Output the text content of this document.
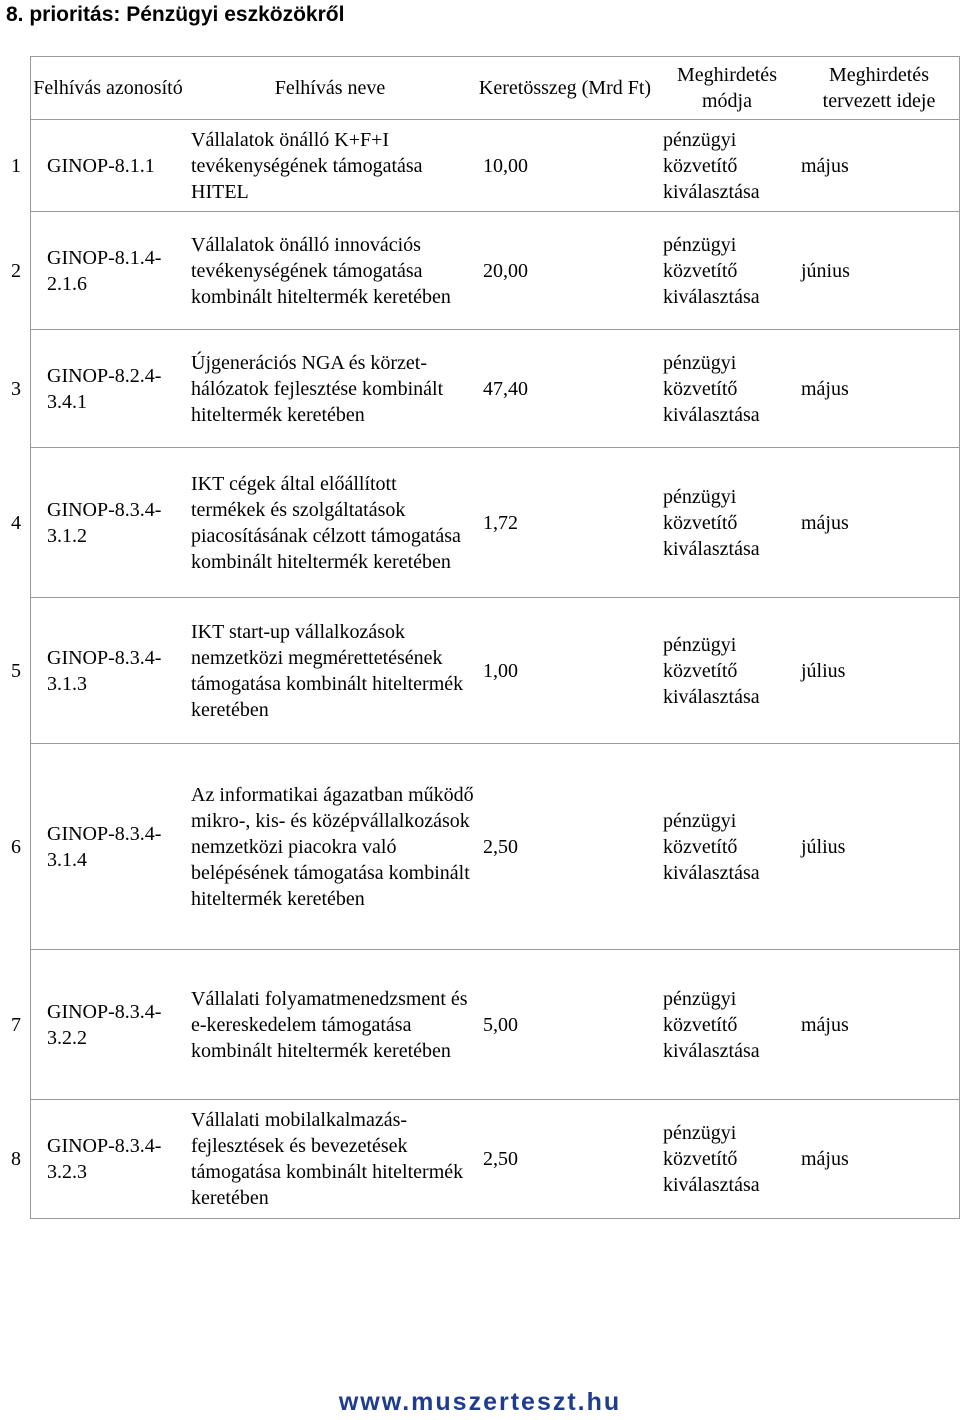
8. prioritás: Pénzügyi eszközökről
Felhívás azonosító	Felhívás neve	Keretösszeg (Mrd Ft)	Meghirdetés módja	Meghirdetés tervezett ideje

1 GINOP-8.1.1	Vállalatok önálló K+F+I tevékenységének támogatása HITEL	10,00	pénzügyi közvetítő kiválasztása	május

2
GINOP-8.1.4-2.1.6	Vállalatok önálló innovációs tevékenységének támogatása kombinált hiteltermék keretében	20,00	pénzügyi közvetítő kiválasztása	június

3
GINOP-8.2.4-3.4.1	Újgenerációs NGA és körzet-hálózatok fejlesztése kombinált hiteltermék keretében	47,40	pénzügyi közvetítő kiválasztása	május

4
GINOP-8.3.4-3.1.2	IKT cégek által előállított termékek és szolgáltatások piacosításának célzott támogatása kombinált hiteltermék keretében	1,72	pénzügyi közvetítő kiválasztása	május

5
GINOP-8.3.4-3.1.3	IKT start-up vállalkozások nemzetközi megmérettetésének támogatása kombinált hiteltermék keretében	1,00	pénzügyi közvetítő kiválasztása	július

6
GINOP-8.3.4-3.1.4	Az informatikai ágazatban működő mikro-, kis- és középvállalkozások nemzetközi piacokra való belépésének támogatása kombinált hiteltermék keretében	2,50	pénzügyi közvetítő kiválasztása	július

7
GINOP-8.3.4-3.2.2	Vállalati folyamatmenedzsment és e-kereskedelem támogatása kombinált hiteltermék keretében	5,00	pénzügyi közvetítő kiválasztása	május

8
GINOP-8.3.4-3.2.3	Vállalati mobilalkalmazás-fejlesztések és bevezetések támogatása kombinált hiteltermék keretében	2,50	pénzügyi közvetítő kiválasztása	május
www.muszerteszt.hu
